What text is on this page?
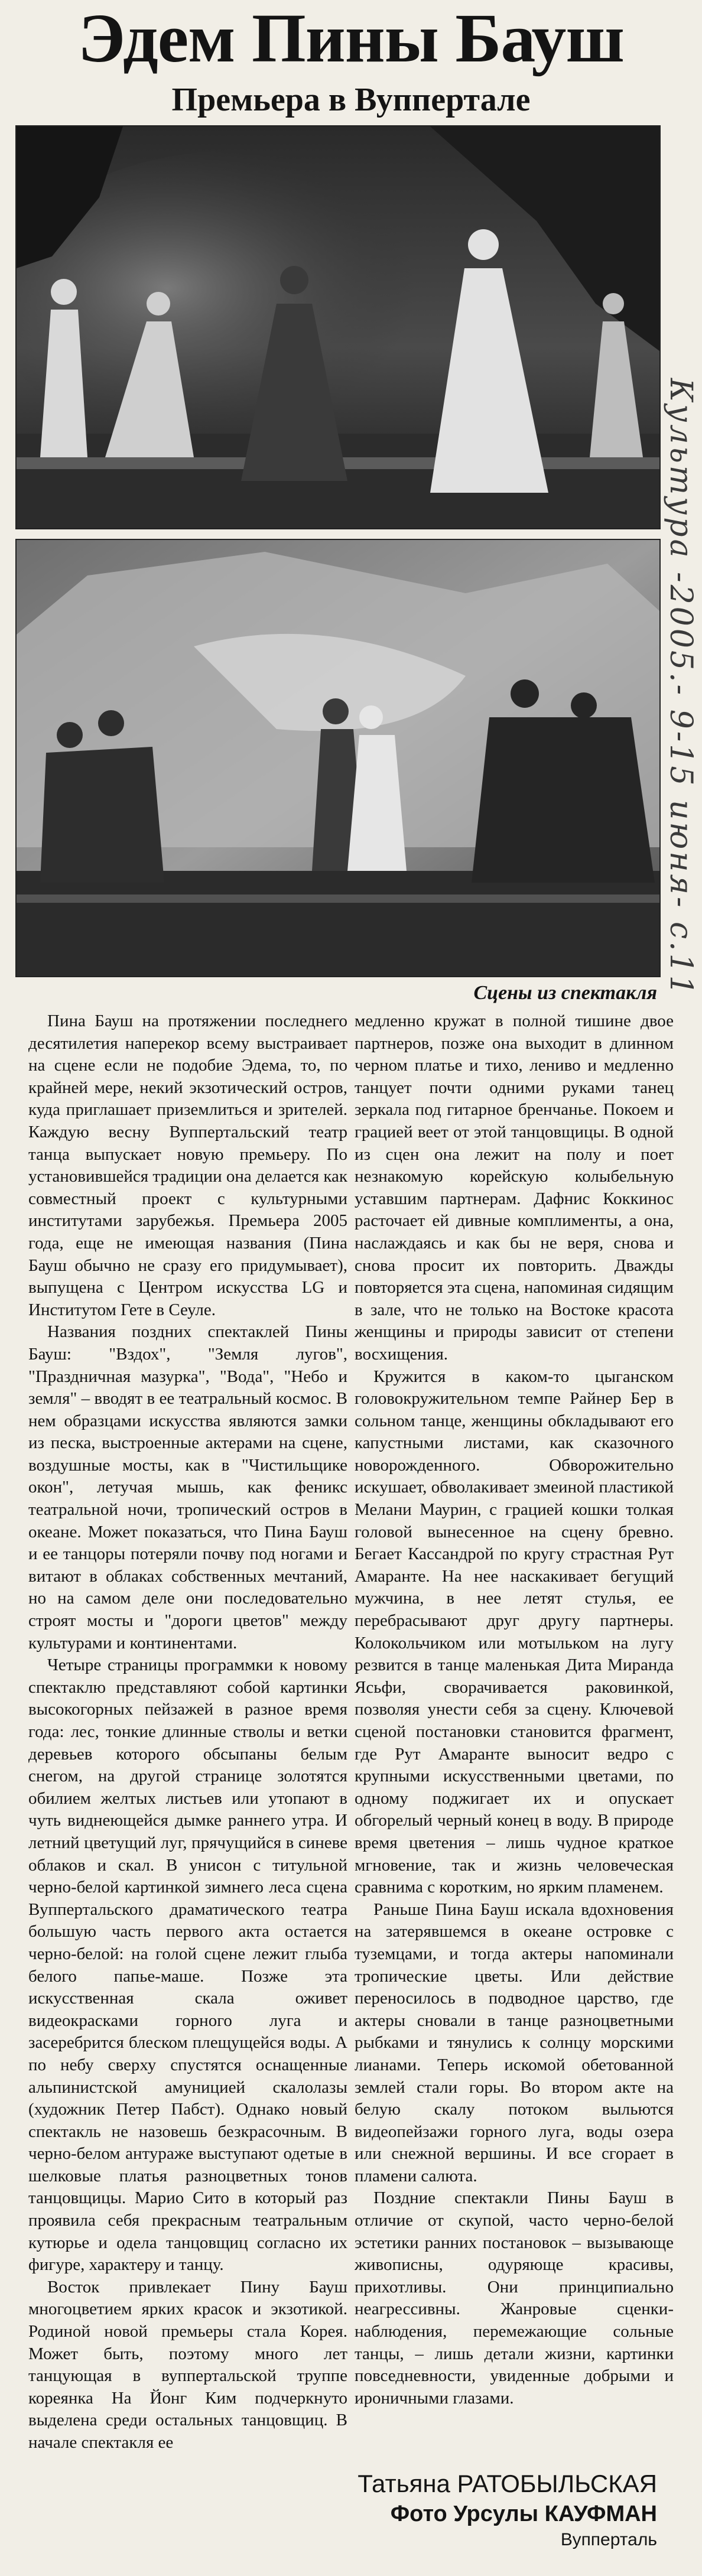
Эдем Пины Бауш
Премьера в Вуппертале
Сцены из спектакля Культура -2005.- 9-15 июня- с.11

Пина Бауш на протяжении последнего десятилетия наперекор всему выстраивает на сцене если не подобие Эдема, то, по крайней мере, некий экзотический остров, куда приглашает приземлиться и зрителей. Каждую весну Вуппертальский театр танца выпускает новую премьеру. По установившейся традиции она делается как совместный проект с культурными институтами зарубежья. Премьера 2005 года, еще не имеющая названия (Пина Бауш обычно не сразу его придумывает), выпущена с Центром искусства LG и Институтом Гете в Сеуле.

Названия поздних спектаклей Пины Бауш: "Вздох", "Земля лугов", "Праздничная мазурка", "Вода", "Небо и земля" – вводят в ее театральный космос. В нем образцами искусства являются замки из песка, выстроенные актерами на сцене, воздушные мосты, как в "Чистильщике окон", летучая мышь, как феникс театральной ночи, тропический остров в океане. Может показаться, что Пина Бауш и ее танцоры потеряли почву под ногами и витают в облаках собственных мечтаний, но на самом деле они последовательно строят мосты и "дороги цветов" между культурами и континентами.

Четыре страницы программки к новому спектаклю представляют собой картинки высокогорных пейзажей в разное время года: лес, тонкие длинные стволы и ветки деревьев которого обсыпаны белым снегом, на другой странице золотятся обилием желтых листьев или утопают в чуть виднеющейся дымке раннего утра. И летний цветущий луг, прячущийся в синеве облаков и скал. В унисон с титульной черно-белой картинкой зимнего леса сцена Вуппертальского драматического театра большую часть первого акта остается черно-белой: на голой сцене лежит глыба белого папье-маше. Позже эта искусственная скала оживет видеокрасками горного луга и засеребрится блеском плещущейся воды. А по небу сверху спустятся оснащенные альпинистской амуницией скалолазы (художник Петер Пабст). Однако новый спектакль не назовешь безкрасочным. В черно-белом антураже выступают одетые в шелковые платья разноцветных тонов танцовщицы. Марио Сито в который раз проявила себя прекрасным театральным кутюрье и одела танцовщиц согласно их фигуре, характеру и танцу.

Восток привлекает Пину Бауш многоцветием ярких красок и экзотикой. Родиной новой премьеры стала Корея. Может быть, поэтому много лет танцующая в вуппертальской труппе кореянка На Йонг Ким подчеркнуто выделена среди остальных танцовщиц. В начале спектакля ее

медленно кружат в полной тишине двое партнеров, позже она выходит в длинном черном платье и тихо, лениво и медленно танцует почти одними руками танец зеркала под гитарное бренчанье. Покоем и грацией веет от этой танцовщицы. В одной из сцен она лежит на полу и поет незнакомую корейскую колыбельную уставшим партнерам. Дафнис Коккинос расточает ей дивные комплименты, а она, наслаждаясь и как бы не веря, снова и снова просит их повторить. Дважды повторяется эта сцена, напоминая сидящим в зале, что не только на Востоке красота женщины и природы зависит от степени восхищения.

Кружится в каком-то цыганском головокружительном темпе Райнер Бер в сольном танце, женщины обкладывают его капустными листами, как сказочного новорожденного. Обворожительно искушает, обволакивает змеиной пластикой Мелани Маурин, с грацией кошки толкая головой вынесенное на сцену бревно. Бегает Кассандрой по кругу страстная Рут Амаранте. На нее наскакивает бегущий мужчина, в нее летят стулья, ее перебрасывают друг другу партнеры. Колокольчиком или мотыльком на лугу резвится в танце маленькая Дита Миранда Ясьфи, сворачивается раковинкой, позволяя унести себя за сцену. Ключевой сценой постановки становится фрагмент, где Рут Амаранте выносит ведро с крупными искусственными цветами, по одному поджигает их и опускает обгорелый черный конец в воду. В природе время цветения – лишь чудное краткое мгновение, так и жизнь человеческая сравнима с коротким, но ярким пламенем.

Раньше Пина Бауш искала вдохновения на затерявшемся в океане островке с туземцами, и тогда актеры напоминали тропические цветы. Или действие переносилось в подводное царство, где актеры сновали в танце разноцветными рыбками и тянулись к солнцу морскими лианами. Теперь искомой обетованной землей стали горы. Во втором акте на белую скалу потоком выльются видеопейзажи горного луга, воды озера или снежной вершины. И все сгорает в пламени салюта.

Поздние спектакли Пины Бауш в отличие от скупой, часто черно-белой эстетики ранних постановок – вызывающе живописны, одуряюще красивы, прихотливы. Они принципиально неагрессивны. Жанровые сценки-наблюдения, перемежающие сольные танцы, – лишь детали жизни, картинки повседневности, увиденные добрыми и ироничными глазами.

Татьяна РАТОБЫЛЬСКАЯ
Фото Урсулы КАУФМАН
Вупперталь
